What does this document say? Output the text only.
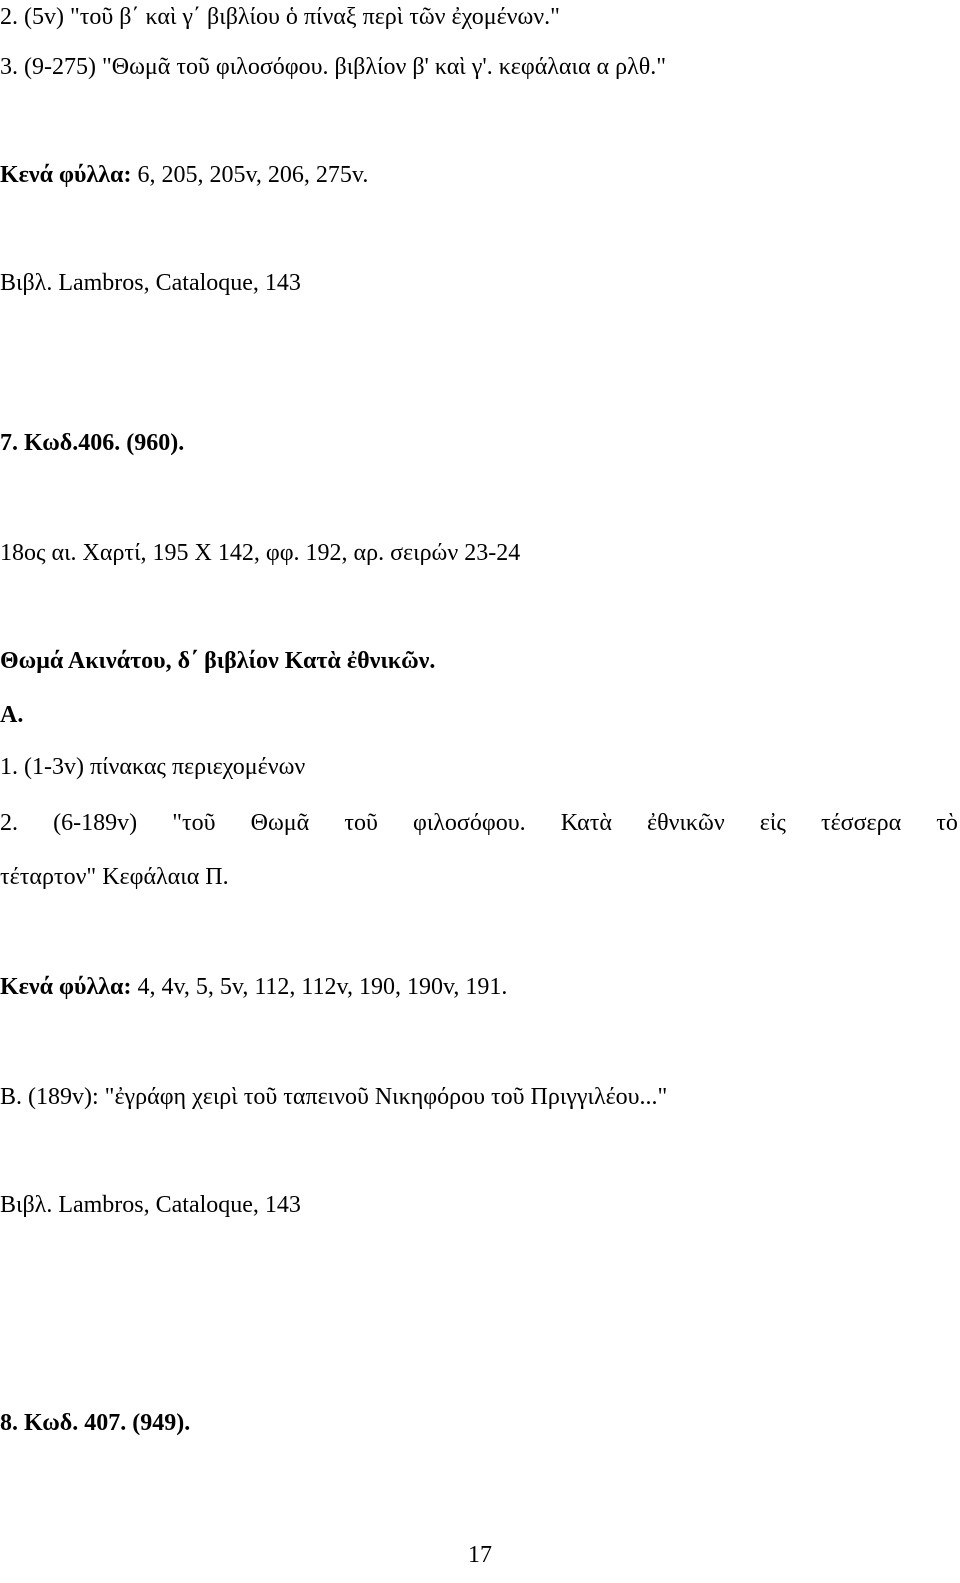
2. (5v) "τοῦ β΄ καὶ γ΄ βιβλίου ὁ πίναξ περὶ τῶν ἐχομένων."
3. (9-275) "Θωμᾶ τοῦ φιλοσόφου. βιβλίον β' καὶ γ'. κεφάλαια α ρλθ."
Κενά φύλλα: 6, 205, 205v, 206, 275v.
Βιβλ. Lambros, Cataloque, 143
7. Κωδ.406. (960).
18ος αι. Χαρτί, 195 Χ 142, φφ. 192, αρ. σειρών 23-24
Θωμά Ακινάτου, δ΄ βιβλίον Κατὰ ἐθνικῶν.
Α.
1. (1-3v) πίνακας περιεχομένων
2. (6-189v) "τοῦ Θωμᾶ τοῦ φιλοσόφου. Κατὰ ἐθνικῶν εἰς τέσσερα τὸ
τέταρτον" Κεφάλαια Π.
Κενά φύλλα: 4, 4v, 5, 5v, 112, 112v, 190, 190v, 191.
Β. (189v): "ἐγράφη χειρὶ τοῦ ταπεινοῦ Νικηφόρου τοῦ Πριγγιλέου..."
Βιβλ. Lambros, Cataloque, 143
8. Κωδ. 407. (949).
17
